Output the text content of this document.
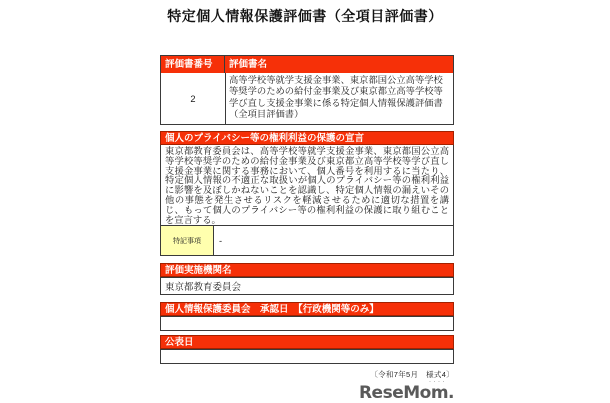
特定個人情報保護評価書（全項目評価書）
評価書番号	評価書名
2
高等学校等就学支援金事業、東京都国公立高等学校等奨学のための給付金事業及び東京都立高等学校等学び直し支援金事業に係る特定個人情報保護評価書（全項目評価書）
個人のプライバシー等の権利利益の保護の宣言
東京都教育委員会は、高等学校等就学支援金事業、東京都国公立高等学校等奨学のための給付金事業及び東京都立高等学校等学び直し支援金事業に関する事務において、個人番号を利用するに当たり、特定個人情報の不適正な取扱いが個人のプライバシー等の権利利益に影響を及ぼしかねないことを認識し、特定個人情報の漏えいその他の事態を発生させるリスクを軽減させるために適切な措置を講じ、もって個人のプライバシー等の権利利益の保護に取り組むことを宣言する。
特記事項	-
評価実施機関名
東京都教育委員会
個人情報保護委員会　承認日　【行政機関等のみ】
公表日
〔令和7年5月　様式4〕
・・・・
ReseMom.
